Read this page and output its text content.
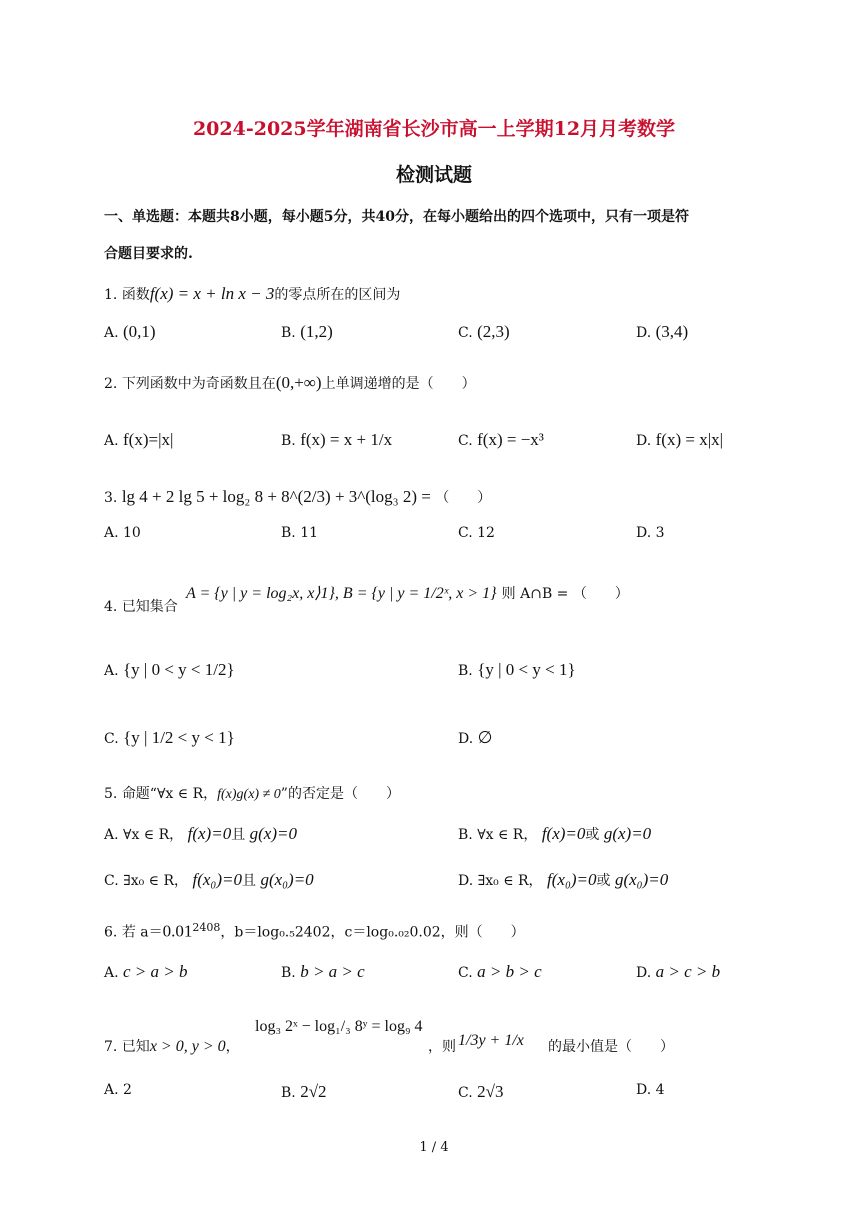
2024-2025学年湖南省长沙市高一上学期12月月考数学
检测试题
一、单选题：本题共8小题，每小题5分，共40分，在每小题给出的四个选项中，只有一项是符
合题目要求的.
1. 函数f(x) = x + ln x − 3的零点所在的区间为
A. (0,1)	B. (1,2)	C. (2,3)	D. (3,4)
2. 下列函数中为奇函数且在(0,+∞)上单调递增的是（　　）
A. f(x)=|x|	B. f(x) = x + 1/x	C. f(x) = −x³	D. f(x) = x|x|
3. lg 4 + 2 lg 5 + log₂ 8 + 8^(2/3) + 3^(log₃ 2) = （　　）
A. 10	B. 11	C. 12	D. 3
4. 已知集合
A = {y | y = log₂x, x⟩1}, B = {y | y = 1/2ˣ, x > 1} 则 A∩B = （　　）
A. {y | 0 < y < 1/2}	B. {y | 0 < y < 1}
C. {y | 1/2 < y < 1}	D. ∅
5. 命题“∀x ∈ R，f(x)g(x) ≠ 0”的否定是（　　）
A. ∀x ∈ R， f(x)=0且 g(x)=0	B. ∀x ∈ R， f(x)=0或 g(x)=0
C. ∃x₀ ∈ R， f(x₀)=0且 g(x₀)=0	D. ∃x₀ ∈ R， f(x₀)=0或 g(x₀)=0
6. 若 $a=0.01^{2408}$，b＝log₀.₅2402，c＝log₀.₀₂0.02，则（　　）
A. c > a > b	B. b > a > c	C. a > b > c	D. a > c > b
7. 已知x > 0, y > 0，
log₃ 2ˣ − log₁/₃ 8ʸ = log₉ 4
，则 1/3y + 1/x 的最小值是（　　）
A. 2	B. 2√2	C. 2√3	D. 4
1 / 4
